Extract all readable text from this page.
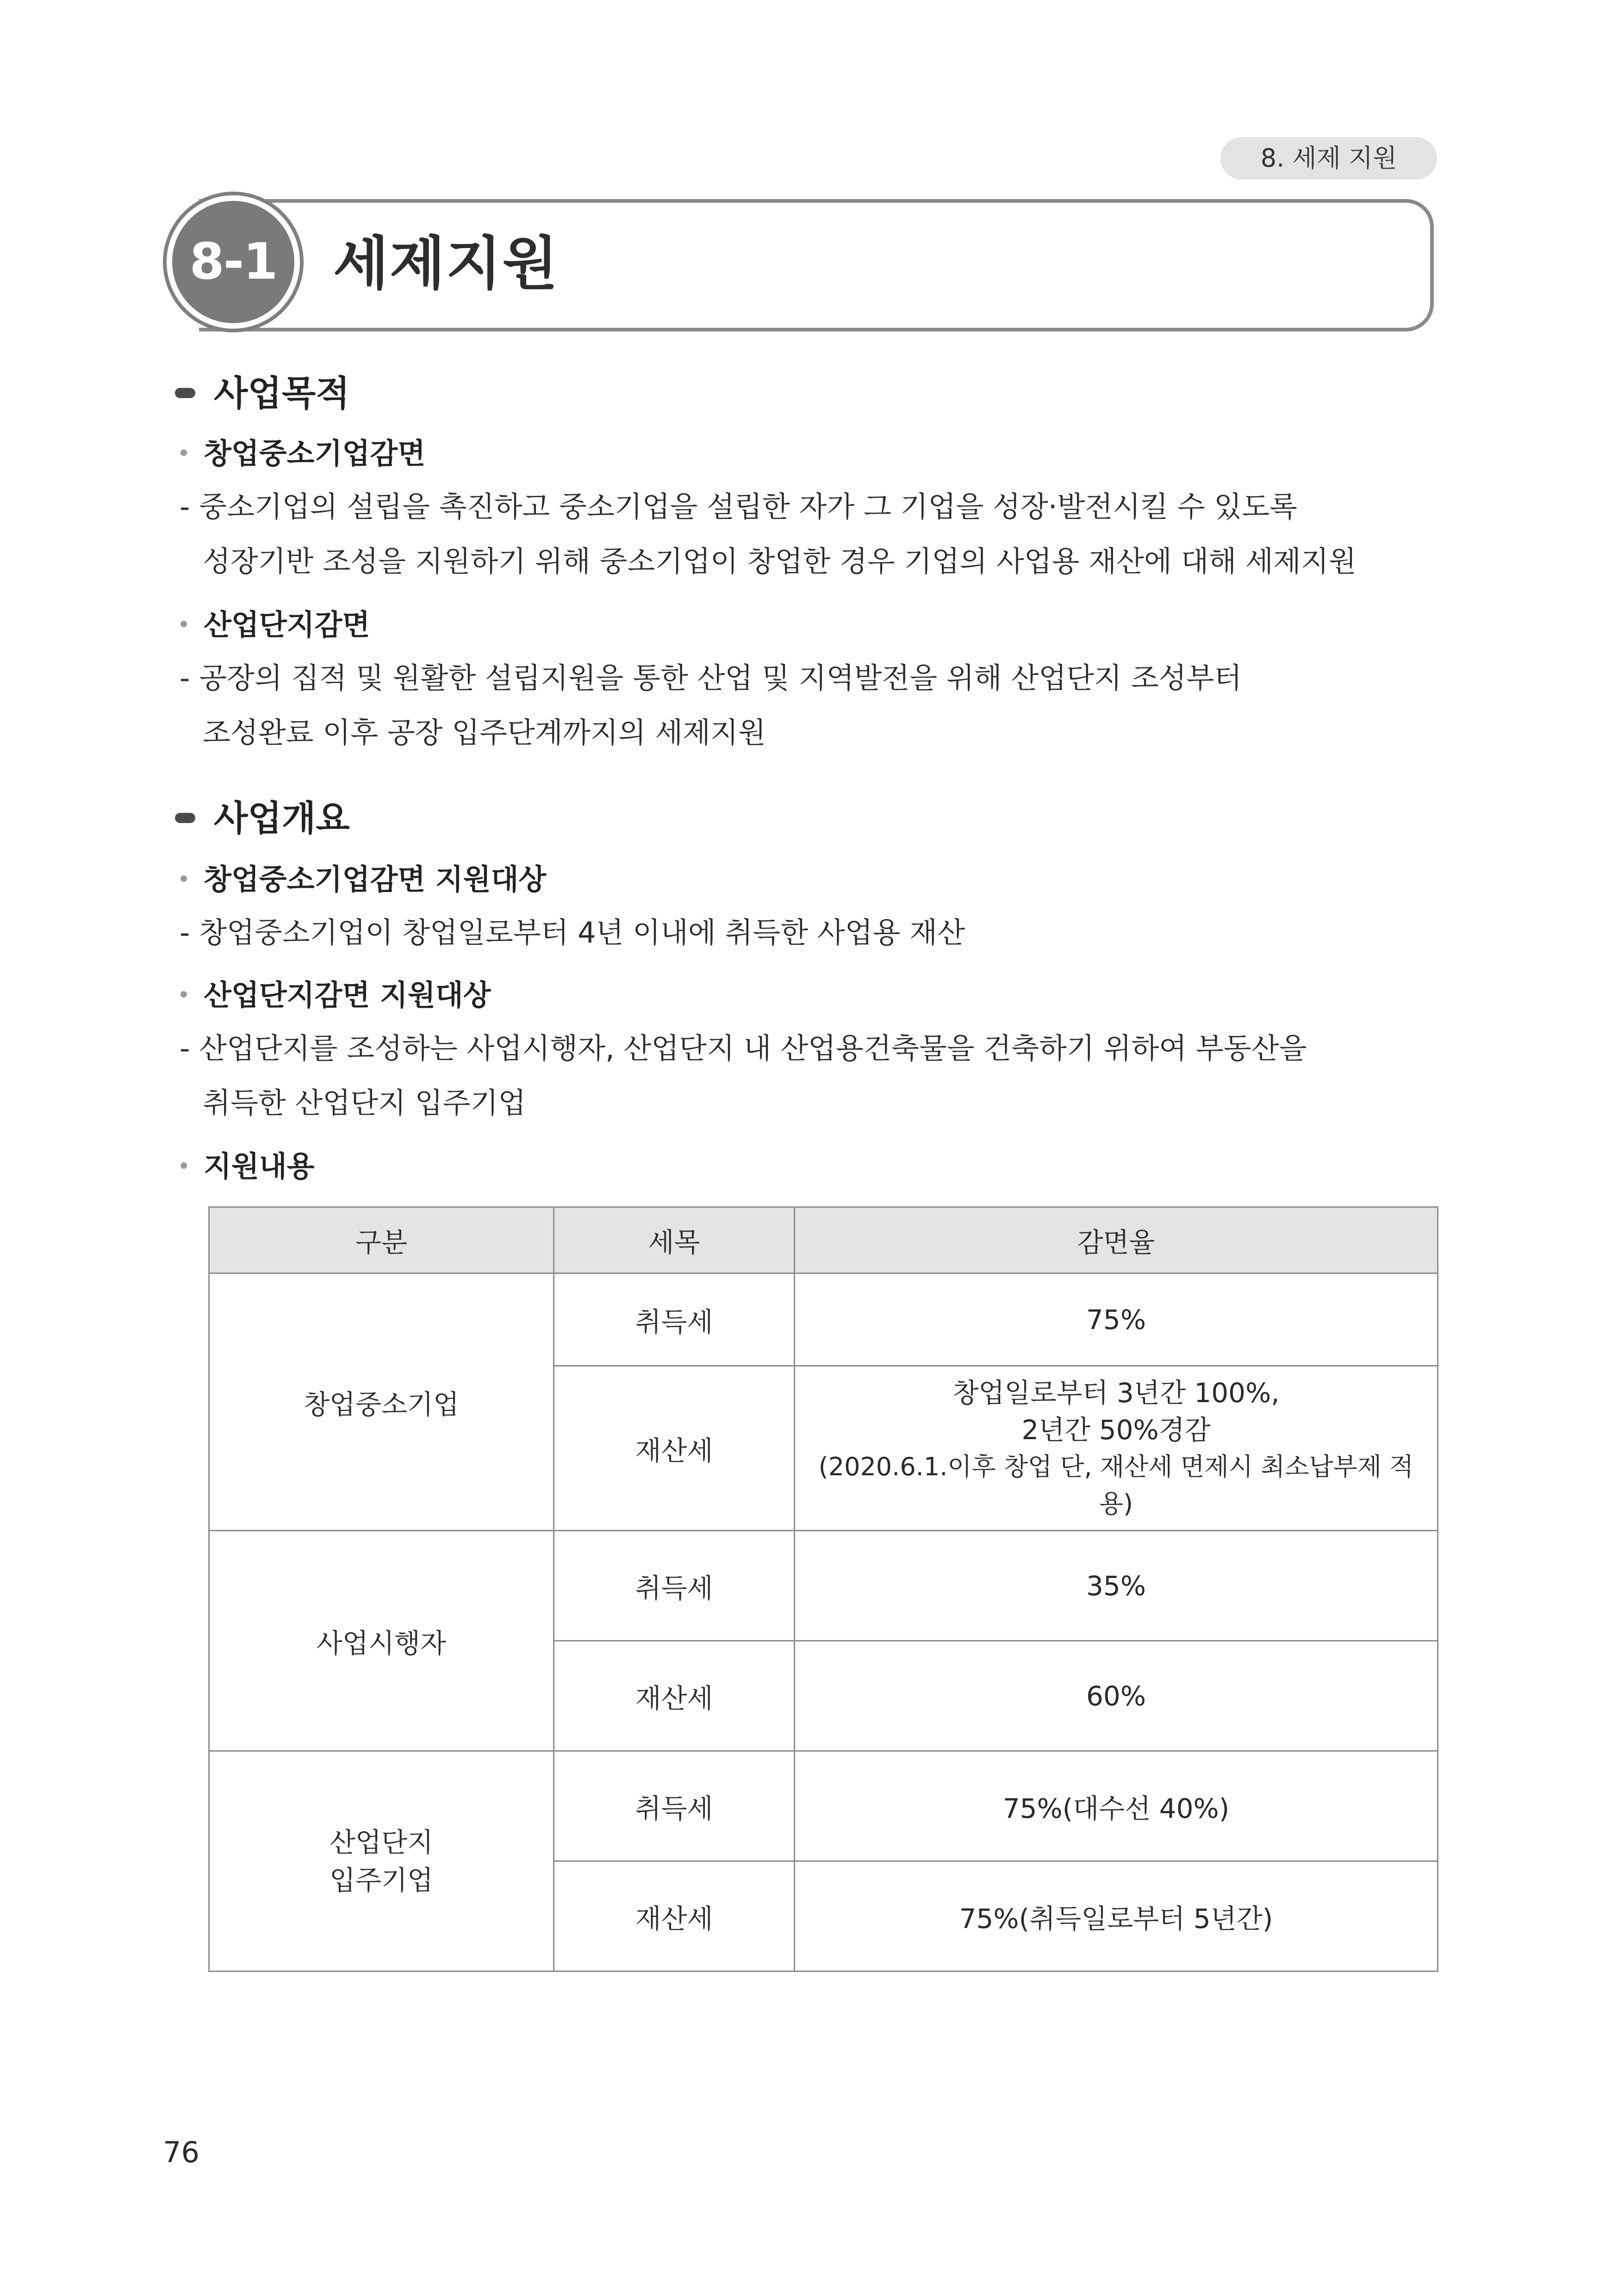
8. 세제 지원
8-1 세제지원
사업목적
창업중소기업감면
- 중소기업의 설립을 촉진하고 중소기업을 설립한 자가 그 기업을 성장·발전시킬 수 있도록
성장기반 조성을 지원하기 위해 중소기업이 창업한 경우 기업의 사업용 재산에 대해 세제지원
산업단지감면
- 공장의 집적 및 원활한 설립지원을 통한 산업 및 지역발전을 위해 산업단지 조성부터
조성완료 이후 공장 입주단계까지의 세제지원
사업개요
창업중소기업감면 지원대상
- 창업중소기업이 창업일로부터 4년 이내에 취득한 사업용 재산
산업단지감면 지원대상
- 산업단지를 조성하는 사업시행자, 산업단지 내 산업용건축물을 건축하기 위하여 부동산을
취득한 산업단지 입주기업
지원내용
구분	세목	감면율
창업중소기업	취득세	75%
	재산세	창업일로부터 3년간 100%,
2년간 50%경감
(2020.6.1.이후 창업 단, 재산세 면제시 최소납부제 적용)

사업시행자	취득세	35%
	재산세	60%

산업단지
입주기업	취득세	75%(대수선 40%)
	재산세	75%(취득일로부터 5년간)
76
